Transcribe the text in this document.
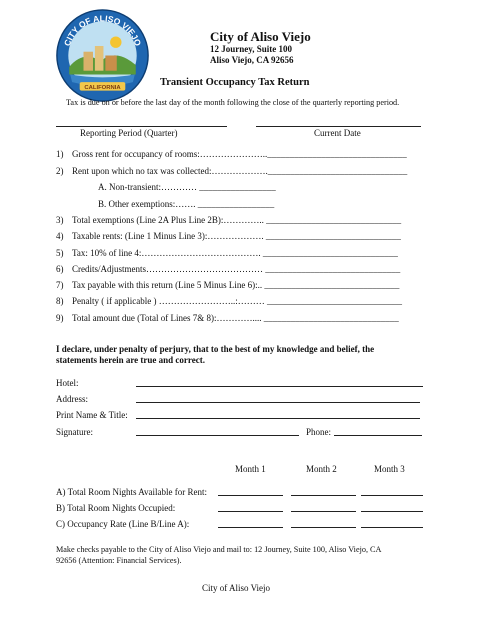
CITY OF ALISO VIEJO
CALIFORNIA
City of Aliso Viejo
12 Journey, Suite 100
Aliso Viejo, CA 92656
Transient Occupancy Tax Return
Tax is due on or before the last day of the month following the close of the quarterly reporting period.
Reporting Period (Quarter)	Current Date
1) Gross rent for occupancy of rooms:………………….._______________________________
2) Rent upon which no tax was collected:………………._______________________________
A. Non-transient:………… _________________
B. Other exemptions:……. _________________
3) Total exemptions (Line 2A Plus Line 2B):………….. ______________________________
4) Taxable rents: (Line 1 Minus Line 3):………………. ______________________________
5) Tax: 10% of line 4:…………………………………. ______________________________
6) Credits/Adjustments………………………………… ______________________________
7) Tax payable with this return (Line 5 Minus Line 6):.. ______________________________
8) Penalty ( if applicable ) ……………………..:……… ______________________________
9) Total amount due (Total of Lines 7& 8):………….... ______________________________
I declare, under penalty of perjury, that to the best of my knowledge and belief, the
statements herein are true and correct.
Hotel:
Address:
Print Name & Title:
Signature:	Phone:
Month 1	Month 2	Month 3
A) Total Room Nights Available for Rent:
B) Total Room Nights Occupied:
C) Occupancy Rate (Line B/Line A):
Make checks payable to the City of Aliso Viejo and mail to: 12 Journey, Suite 100, Aliso Viejo, CA
92656 (Attention: Financial Services).
City of Aliso Viejo
